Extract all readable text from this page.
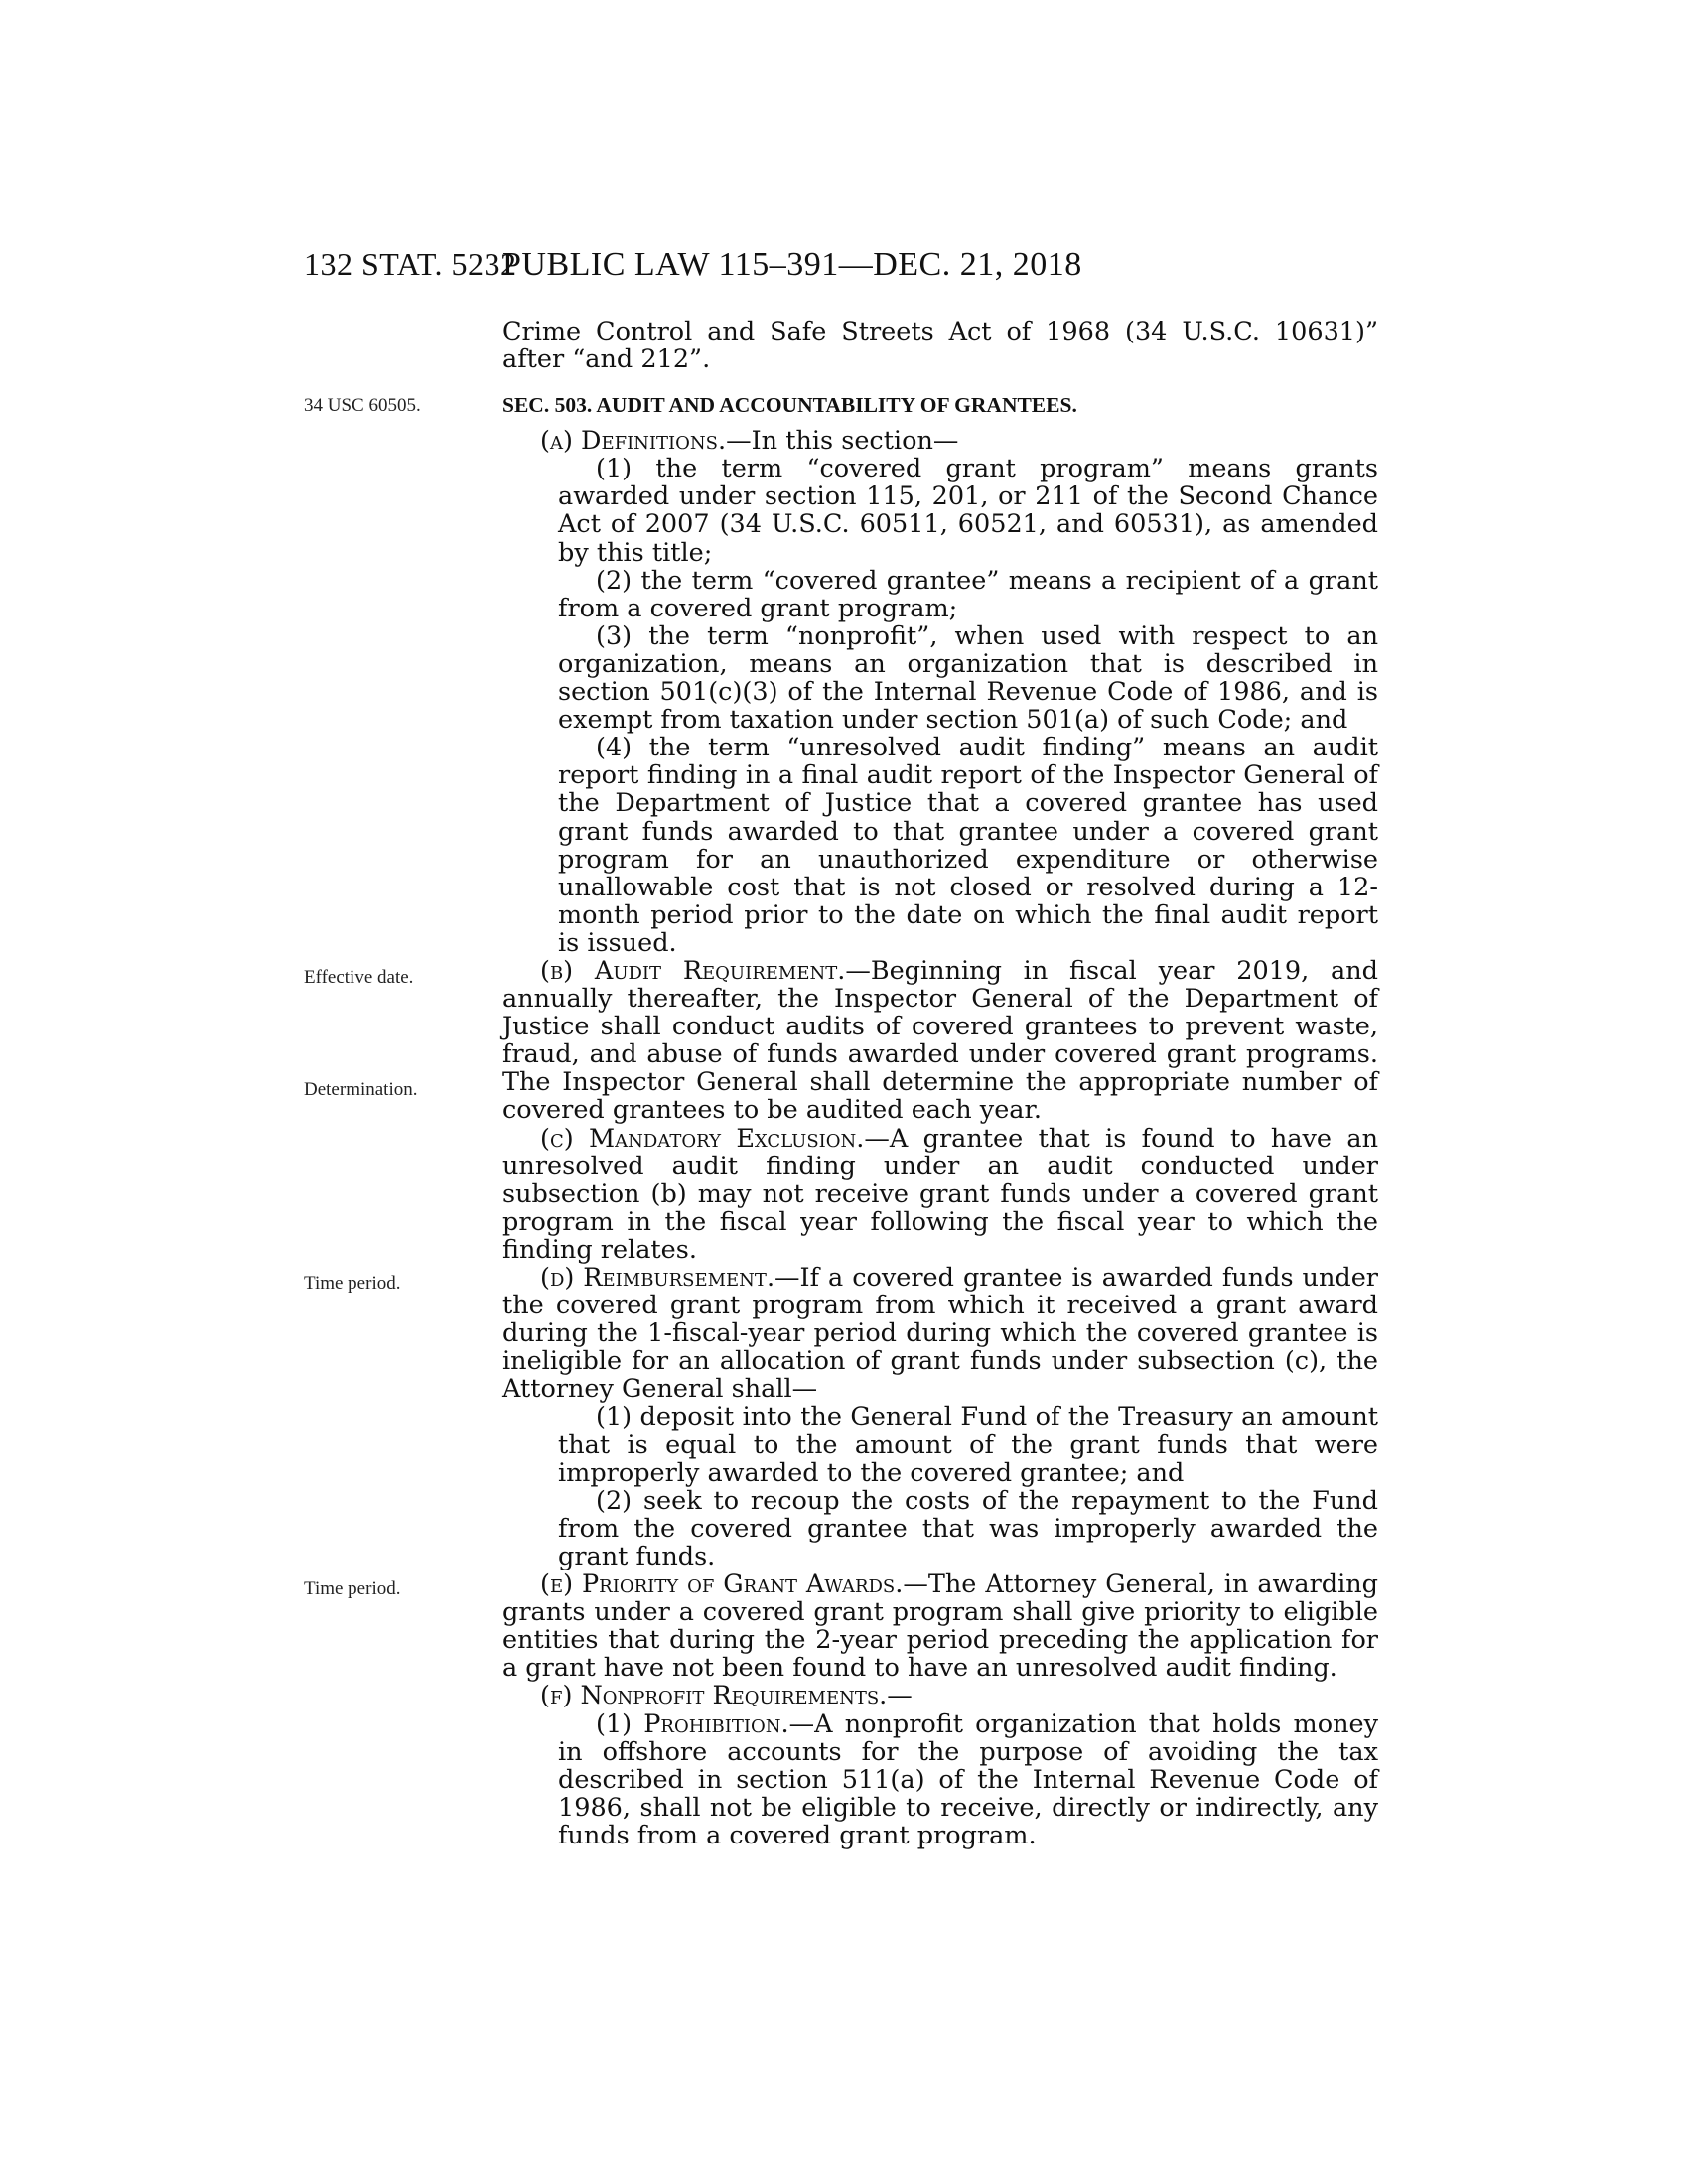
132 STAT. 5232
PUBLIC LAW 115–391—DEC. 21, 2018
34 USC 60505.
Effective date.
Determination.
Time period.
Time period.

Crime Control and Safe Streets Act of 1968 (34 U.S.C. 10631)” after “and 212”.

SEC. 503. AUDIT AND ACCOUNTABILITY OF GRANTEES.

(a) Definitions.—In this section—

(1) the term “covered grant program” means grants awarded under section 115, 201, or 211 of the Second Chance Act of 2007 (34 U.S.C. 60511, 60521, and 60531), as amended by this title;

(2) the term “covered grantee” means a recipient of a grant from a covered grant program;

(3) the term “nonprofit”, when used with respect to an organization, means an organization that is described in section 501(c)(3) of the Internal Revenue Code of 1986, and is exempt from taxation under section 501(a) of such Code; and

(4) the term “unresolved audit finding” means an audit report finding in a final audit report of the Inspector General of the Department of Justice that a covered grantee has used grant funds awarded to that grantee under a covered grant program for an unauthorized expenditure or otherwise unallowable cost that is not closed or resolved during a 12-month period prior to the date on which the final audit report is issued.

(b) Audit Requirement.—Beginning in fiscal year 2019, and annually thereafter, the Inspector General of the Department of Justice shall conduct audits of covered grantees to prevent waste, fraud, and abuse of funds awarded under covered grant programs. The Inspector General shall determine the appropriate number of covered grantees to be audited each year.

(c) Mandatory Exclusion.—A grantee that is found to have an unresolved audit finding under an audit conducted under subsection (b) may not receive grant funds under a covered grant program in the fiscal year following the fiscal year to which the finding relates.

(d) Reimbursement.—If a covered grantee is awarded funds under the covered grant program from which it received a grant award during the 1-fiscal-year period during which the covered grantee is ineligible for an allocation of grant funds under subsection (c), the Attorney General shall—

(1) deposit into the General Fund of the Treasury an amount that is equal to the amount of the grant funds that were improperly awarded to the covered grantee; and

(2) seek to recoup the costs of the repayment to the Fund from the covered grantee that was improperly awarded the grant funds.

(e) Priority of Grant Awards.—The Attorney General, in awarding grants under a covered grant program shall give priority to eligible entities that during the 2-year period preceding the application for a grant have not been found to have an unresolved audit finding.

(f) Nonprofit Requirements.—

(1) Prohibition.—A nonprofit organization that holds money in offshore accounts for the purpose of avoiding the tax described in section 511(a) of the Internal Revenue Code of 1986, shall not be eligible to receive, directly or indirectly, any funds from a covered grant program.
